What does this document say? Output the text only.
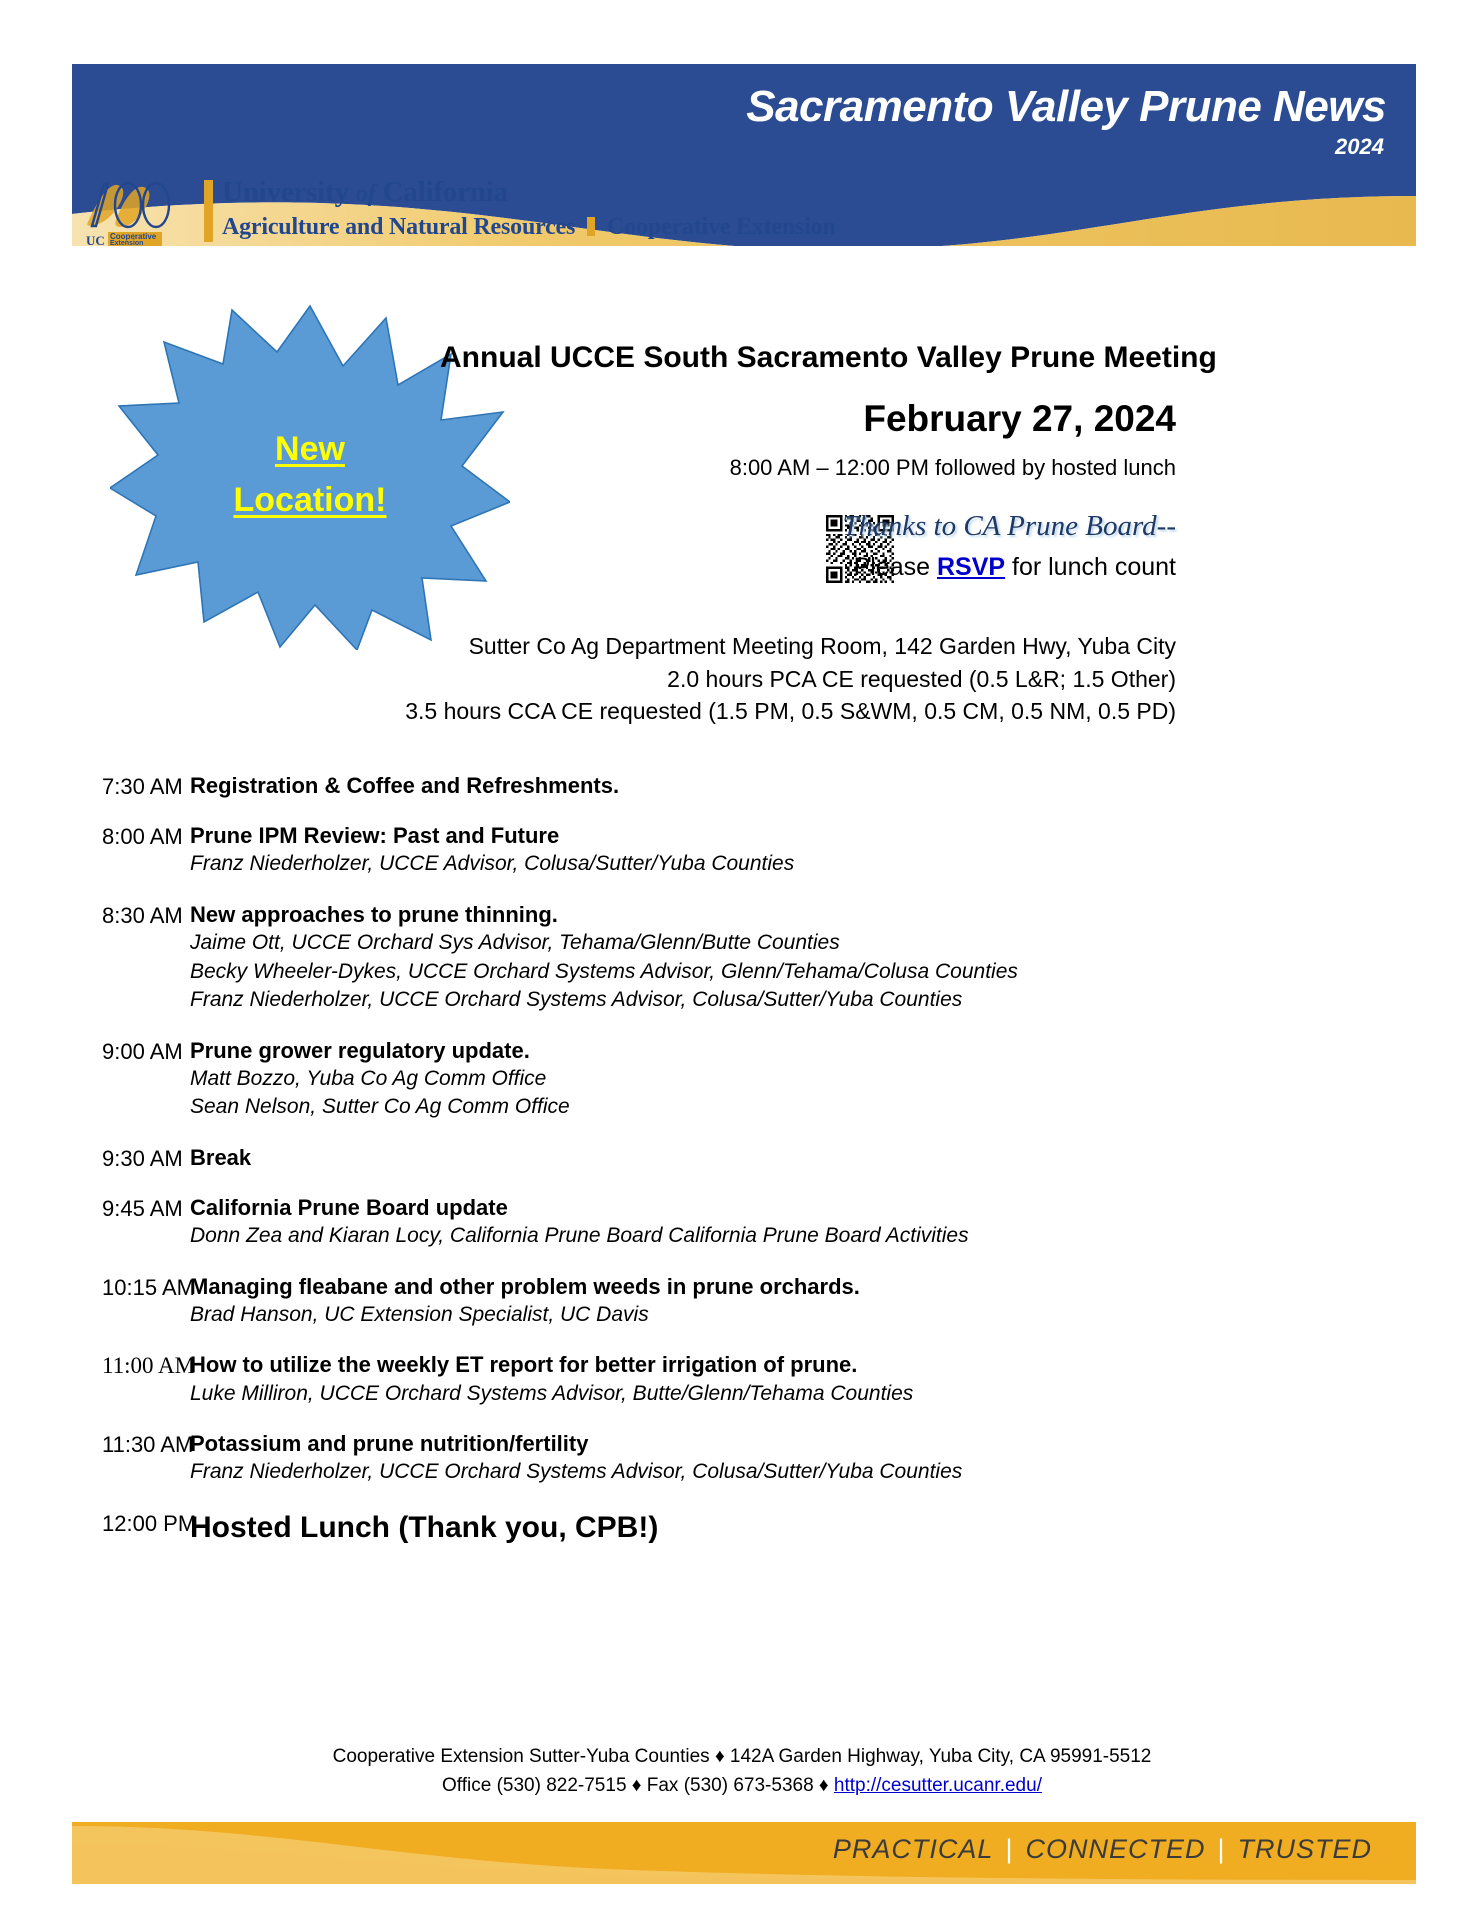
Sacramento Valley Prune News
2024
UC Cooperative
Extension
University of California
Agriculture and Natural Resources Cooperative Extension
New
Location!
Annual UCCE South Sacramento Valley Prune Meeting
February 27, 2024
8:00 AM – 12:00 PM followed by hosted lunch
Thanks to CA Prune Board--
Please RSVP for lunch count
Sutter Co Ag Department Meeting Room, 142 Garden Hwy, Yuba City
2.0 hours PCA CE requested (0.5 L&R; 1.5 Other)
3.5 hours CCA CE requested (1.5 PM, 0.5 S&WM, 0.5 CM, 0.5 NM, 0.5 PD)
7:30 AM Registration & Coffee and Refreshments.
8:00 AM Prune IPM Review: Past and Future
Franz Niederholzer, UCCE Advisor, Colusa/Sutter/Yuba Counties
8:30 AM New approaches to prune thinning.
Jaime Ott, UCCE Orchard Sys Advisor, Tehama/Glenn/Butte Counties
Becky Wheeler-Dykes, UCCE Orchard Systems Advisor, Glenn/Tehama/Colusa Counties
Franz Niederholzer, UCCE Orchard Systems Advisor, Colusa/Sutter/Yuba Counties
9:00 AM Prune grower regulatory update.
Matt Bozzo, Yuba Co Ag Comm Office
Sean Nelson, Sutter Co Ag Comm Office
9:30 AM Break
9:45 AM California Prune Board update
Donn Zea and Kiaran Locy, California Prune Board California Prune Board Activities
10:15 AM
Managing fleabane and other problem weeds in prune orchards.
Brad Hanson, UC Extension Specialist, UC Davis
11:00 AM
How to utilize the weekly ET report for better irrigation of prune.
Luke Milliron, UCCE Orchard Systems Advisor, Butte/Glenn/Tehama Counties
11:30 AM
Potassium and prune nutrition/fertility
Franz Niederholzer, UCCE Orchard Systems Advisor, Colusa/Sutter/Yuba Counties
12:00 PM
Hosted Lunch (Thank you, CPB!)
Cooperative Extension Sutter-Yuba Counties ♦ 142A Garden Highway, Yuba City, CA 95991-5512
Office (530) 822-7515 ♦ Fax (530) 673-5368 ♦ http://cesutter.ucanr.edu/
PRACTICAL | CONNECTED | TRUSTED
